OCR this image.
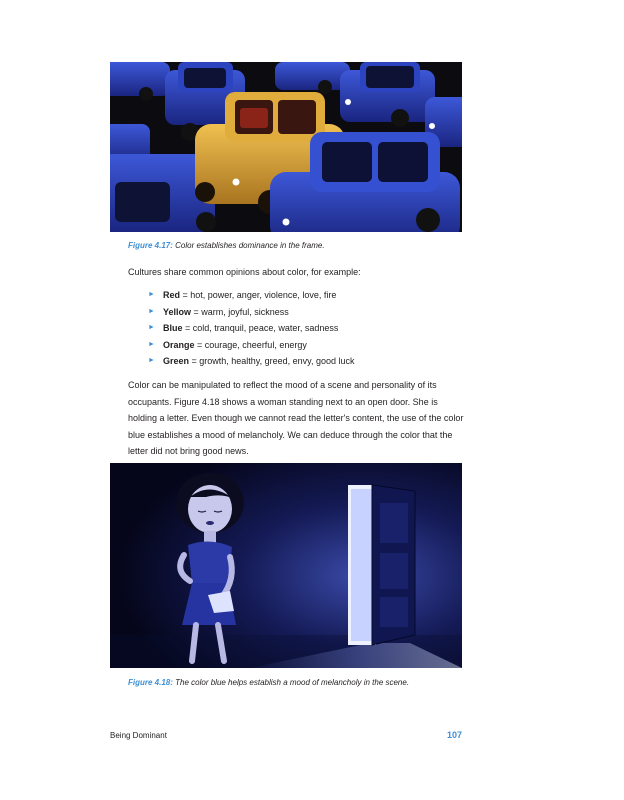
Figure 4.17: Color establishes dominance in the frame.
Cultures share common opinions about color, for example:
► Red = hot, power, anger, violence, love, fire
► Yellow = warm, joyful, sickness
► Blue = cold, tranquil, peace, water, sadness
► Orange = courage, cheerful, energy
► Green = growth, healthy, greed, envy, good luck
Color can be manipulated to reflect the mood of a scene and personality of its occupants. Figure 4.18 shows a woman standing next to an open door. She is holding a letter. Even though we cannot read the letter's content, the use of the color blue establishes a mood of melancholy. We can deduce through the color that the letter did not bring good news.
Figure 4.18: The color blue helps establish a mood of melancholy in the scene.
Being Dominant	107
